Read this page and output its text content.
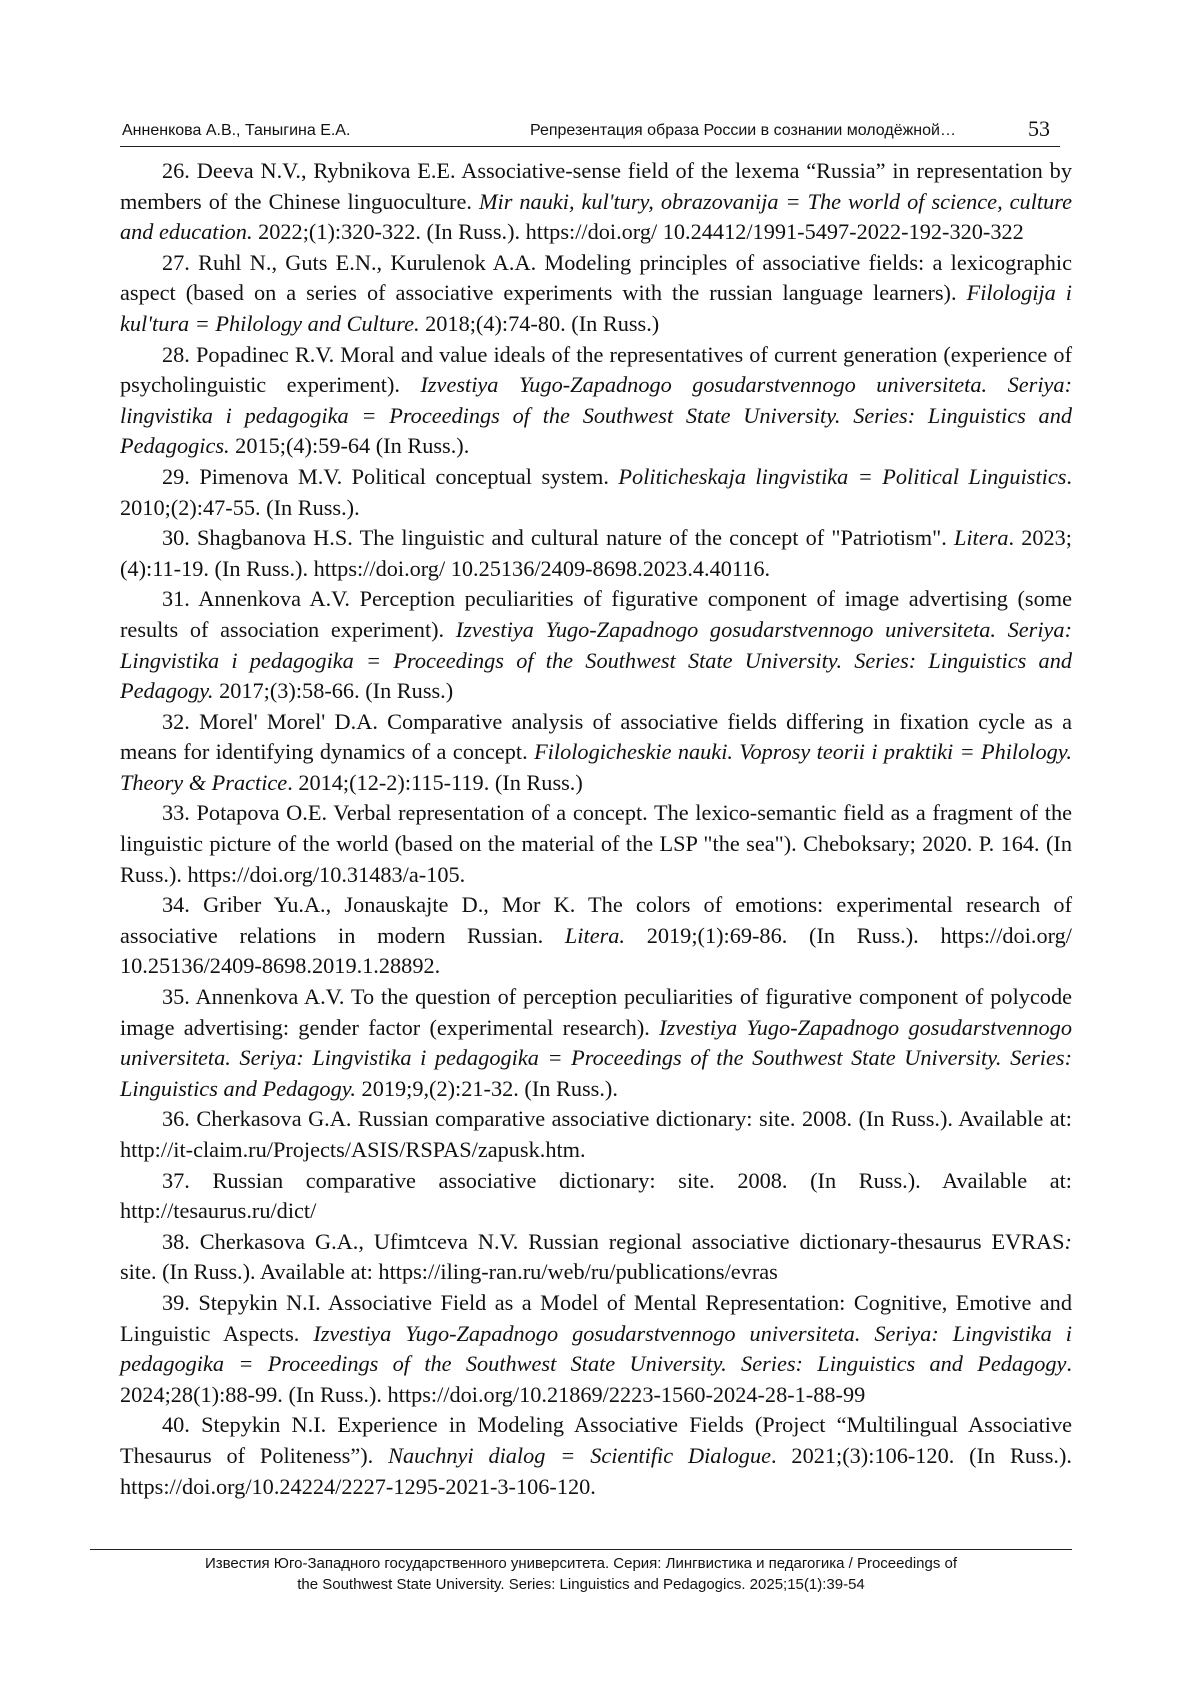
Анненкова А.В., Таныгина Е.А.	Репрезентация образа России в сознании молодёжной…	53

26. Deeva N.V., Rybnikova E.E. Associative-sense field of the lexema “Russia” in representation by members of the Chinese linguoculture. Mir nauki, kul'tury, obrazovanija = The world of science, culture and education. 2022;(1):320-322. (In Russ.). https://doi.org/ 10.24412/1991-5497-2022-192-320-322

27. Ruhl N., Guts E.N., Kurulenok A.A. Modeling principles of associative fields: a lexicographic aspect (based on a series of associative experiments with the russian language learners). Filologija i kul'tura = Philology and Culture. 2018;(4):74-80. (In Russ.)

28. Popadinec R.V. Moral and value ideals of the representatives of current generation (experience of psycholinguistic experiment). Izvestiya Yugo-Zapadnogo gosudarstvennogo universiteta. Seriya: lingvistika i pedagogika = Proceedings of the Southwest State University. Series: Linguistics and Pedagogics. 2015;(4):59-64 (In Russ.).

29. Pimenova M.V. Political conceptual system. Politicheskaja lingvistika = Political Linguistics. 2010;(2):47-55. (In Russ.).

30. Shagbanova H.S. The linguistic and cultural nature of the concept of "Patriotism". Litera. 2023;(4):11-19. (In Russ.). https://doi.org/ 10.25136/2409-8698.2023.4.40116.

31. Annenkova A.V. Perception peculiarities of figurative component of image advertising (some results of association experiment). Izvestiya Yugo-Zapadnogo gosudarstvennogo universiteta. Seriya: Lingvistika i pedagogika = Proceedings of the Southwest State University. Series: Linguistics and Pedagogy. 2017;(3):58-66. (In Russ.)

32. Morel' Morel' D.A. Comparative analysis of associative fields differing in fixation cycle as a means for identifying dynamics of a concept. Filologicheskie nauki. Voprosy teorii i praktiki = Philology. Theory & Practice. 2014;(12-2):115-119. (In Russ.)

33. Potapova O.E. Verbal representation of a concept. The lexico-semantic field as a fragment of the linguistic picture of the world (based on the material of the LSP "the sea"). Cheboksary; 2020. P. 164. (In Russ.). https://doi.org/10.31483/a-105.

34. Griber Yu.A., Jonauskajte D., Mor K. The colors of emotions: experimental research of associative relations in modern Russian. Litera. 2019;(1):69-86. (In Russ.). https://doi.org/ 10.25136/2409-8698.2019.1.28892.

35. Annenkova A.V. To the question of perception peculiarities of figurative component of polycode image advertising: gender factor (experimental research). Izvestiya Yugo-Zapadnogo gosudarstvennogo universiteta. Seriya: Lingvistika i pedagogika = Proceedings of the Southwest State University. Series: Linguistics and Pedagogy. 2019;9,(2):21-32. (In Russ.).

36. Cherkasova G.A. Russian comparative associative dictionary: site. 2008. (In Russ.). Available at: http://it-claim.ru/Projects/ASIS/RSPAS/zapusk.htm.

37. Russian comparative associative dictionary: site. 2008. (In Russ.). Available at: http://tesaurus.ru/dict/

38. Cherkasova G.A., Ufimtceva N.V. Russian regional associative dictionary-thesaurus EVRAS: site. (In Russ.). Available at: https://iling-ran.ru/web/ru/publications/evras

39. Stepykin N.I. Associative Field as a Model of Mental Representation: Cognitive, Emotive and Linguistic Aspects. Izvestiya Yugo-Zapadnogo gosudarstvennogo universiteta. Seriya: Lingvistika i pedagogika = Proceedings of the Southwest State University. Series: Linguistics and Pedagogy. 2024;28(1):88-99. (In Russ.). https://doi.org/10.21869/2223-1560-2024-28-1-88-99

40. Stepykin N.I. Experience in Modeling Associative Fields (Project “Multilingual Associative Thesaurus of Politeness”). Nauchnyi dialog = Scientific Dialogue. 2021;(3):106-120. (In Russ.). https://doi.org/10.24224/2227-1295-2021-3-106-120.

Известия Юго-Западного государственного университета. Серия: Лингвистика и педагогика / Proceedings of
the Southwest State University. Series: Linguistics and Pedagogics. 2025;15(1):39-54
